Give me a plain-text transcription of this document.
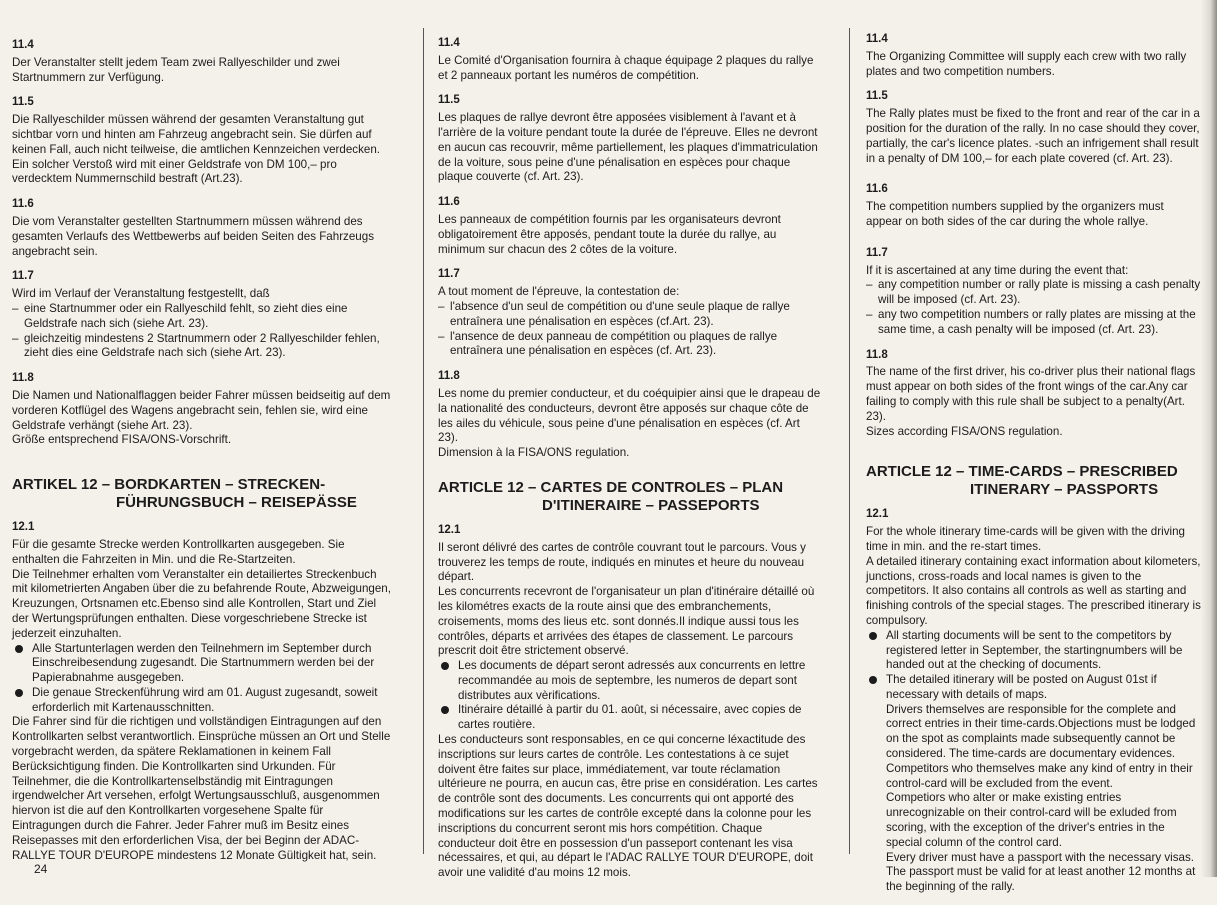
11.4

Der Veranstalter stellt jedem Team zwei Rallyeschilder und zwei Startnummern zur Verfügung.

11.5

Die Rallyeschilder müssen während der gesamten Veranstaltung gut sichtbar vorn und hinten am Fahrzeug angebracht sein. Sie dürfen auf keinen Fall, auch nicht teilweise, die amtlichen Kennzeichen verdecken. Ein solcher Verstoß wird mit einer Geldstrafe von DM 100,– pro verdecktem Nummernschild bestraft (Art.23).

11.6

Die vom Veranstalter gestellten Startnummern müssen während des gesamten Verlaufs des Wettbewerbs auf beiden Seiten des Fahrzeugs angebracht sein.

11.7

Wird im Verlauf der Veranstaltung festgestellt, daß

– eine Startnummer oder ein Rallyeschild fehlt, so zieht dies eine Geldstrafe nach sich (siehe Art. 23).
– gleichzeitig mindestens 2 Startnummern oder 2 Rallyeschilder fehlen, zieht dies eine Geldstrafe nach sich (siehe Art. 23).

11.8

Die Namen und Nationalflaggen beider Fahrer müssen beidseitig auf dem vorderen Kotflügel des Wagens angebracht sein, fehlen sie, wird eine Geldstrafe verhängt (siehe Art. 23).

Größe entsprechend FISA/ONS-Vorschrift.

ARTIKEL 12 – BORDKARTEN – STRECKEN-
FÜHRUNGSBUCH – REISEPÄSSE

12.1

Für die gesamte Strecke werden Kontrollkarten ausgegeben. Sie enthalten die Fahrzeiten in Min. und die Re-Startzeiten.

Die Teilnehmer erhalten vom Veranstalter ein detailiertes Streckenbuch mit kilometrierten Angaben über die zu befahrende Route, Abzweigungen, Kreuzungen, Ortsnamen etc.Ebenso sind alle Kontrollen, Start und Ziel der Wertungsprüfungen enthalten. Diese vorgeschriebene Strecke ist jederzeit einzuhalten.

Alle Startunterlagen werden den Teilnehmern im September durch Einschreibesendung zugesandt. Die Startnummern werden bei der Papierabnahme ausgegeben.
Die genaue Streckenführung wird am 01. August zugesandt, soweit erforderlich mit Kartenausschnitten.

Die Fahrer sind für die richtigen und vollständigen Eintragungen auf den Kontrollkarten selbst verantwortlich. Einsprüche müssen an Ort und Stelle vorgebracht werden, da spätere Reklamationen in keinem Fall Berücksichtigung finden. Die Kontrollkarten sind Urkunden. Für Teilnehmer, die die Kontrollkartenselbständig mit Eintragungen irgendwelcher Art versehen, erfolgt Wertungsausschluß, ausgenommen hiervon ist die auf den Kontrollkarten vorgesehene Spalte für Eintragungen durch die Fahrer. Jeder Fahrer muß im Besitz eines Reisepasses mit den erforderlichen Visa, der bei Beginn der ADAC-RALLYE TOUR D'EUROPE mindestens 12 Monate Gültigkeit hat, sein.

11.4

Le Comité d'Organisation fournira à chaque équipage 2 plaques du rallye et 2 panneaux portant les numéros de compétition.

11.5

Les plaques de rallye devront être apposées visiblement à l'avant et à l'arrière de la voiture pendant toute la durée de l'épreuve. Elles ne devront en aucun cas recouvrir, même partiellement, les plaques d'immatriculation de la voiture, sous peine d'une pénalisation en espèces pour chaque plaque couverte (cf. Art. 23).

11.6

Les panneaux de compétition fournis par les organisateurs devront obligatoirement être apposés, pendant toute la durée du rallye, au minimum sur chacun des 2 côtes de la voiture.

11.7

A tout moment de l'épreuve, la contestation de:

– l'absence d'un seul de compétition ou d'une seule plaque de rallye entraînera une pénalisation en espèces (cf.Art. 23).
– l'ansence de deux panneau de compétition ou plaques de rallye entraînera une pénalisation en espèces (cf. Art. 23).

11.8

Les nome du premier conducteur, et du coéquipier ainsi que le drapeau de la nationalité des conducteurs, devront être apposés sur chaque côte de les ailes du véhicule, sous peine d'une pénalisation en espèces (cf. Art 23).

Dimension à la FISA/ONS regulation.

ARTICLE 12 – CARTES DE CONTROLES – PLAN
D'ITINERAIRE – PASSEPORTS

12.1

Il seront délivré des cartes de contrôle couvrant tout le parcours. Vous y trouverez les temps de route, indiqués en minutes et heure du nouveau départ.

Les concurrents recevront de l'organisateur un plan d'itinéraire détaillé où les kilométres exacts de la route ainsi que des embranchements, croisements, moms des lieus etc. sont donnés.Il indique aussi tous les contrôles, départs et arrivées des étapes de classement. Le parcours prescrit doit être strictement observé.

Les documents de départ seront adressés aux concurrents en lettre recommandée au mois de septembre, les numeros de depart sont distributes aux vèrifications.
Itinéraire détaillé à partir du 01. août, si nécessaire, avec copies de cartes routière.

Les conducteurs sont responsables, en ce qui concerne léxactitude des inscriptions sur leurs cartes de contrôle. Les contestations à ce sujet doivent être faites sur place, immédiatement, var toute réclamation ultérieure ne pourra, en aucun cas, être prise en considération. Les cartes de contrôle sont des documents. Les concurrents qui ont apporté des modifications sur les cartes de contrôle excepté dans la colonne pour les inscriptions du concurrent seront mis hors compétition. Chaque conducteur doit être en possession d'un passeport contenant les visa nécessaires, et qui, au départ le l'ADAC RALLYE TOUR D'EUROPE, doit avoir une validité d'au moins 12 mois.

11.4

The Organizing Committee will supply each crew with two rally plates and two competition numbers.

11.5

The Rally plates must be fixed to the front and rear of the car in a position for the duration of the rally. In no case should they cover, partially, the car's licence plates. -such an infrigement shall result in a penalty of DM 100,– for each plate covered (cf. Art. 23).

11.6

The competition numbers supplied by the organizers must appear on both sides of the car during the whole rallye.

11.7

If it is ascertained at any time during the event that:

– any competition number or rally plate is missing a cash penalty will be imposed (cf. Art. 23).
– any two competition numbers or rally plates are missing at the same time, a cash penalty will be imposed (cf. Art. 23).

11.8

The name of the first driver, his co-driver plus their national flags must appear on both sides of the front wings of the car.Any car failing to comply with this rule shall be subject to a penalty(Art. 23).

Sizes according FISA/ONS regulation.

ARTICLE 12 – TIME-CARDS – PRESCRIBED
ITINERARY – PASSPORTS

12.1

For the whole itinerary time-cards will be given with the driving time in min. and the re-start times.

A detailed itinerary containing exact information about kilometers, junctions, cross-roads and local names is given to the competitors. It also contains all controls as well as starting and finishing controls of the special stages. The prescribed itinerary is compulsory.

All starting documents will be sent to the competitors by registered letter in September, the startingnumbers will be handed out at the checking of documents.
The detailed itinerary will be posted on August 01st if necessary with details of maps.

Drivers themselves are responsible for the complete and correct entries in their time-cards.Objections must be lodged on the spot as complaints made subsequently cannot be considered. The time-cards are documentary evidences. Competitors who themselves make any kind of entry in their control-card will be excluded from the event.

Competiors who alter or make existing entries unrecognizable on their control-card will be exluded from scoring, with the exception of the driver's entries in the special column of the control card.

Every driver must have a passport with the necessary visas. The passport must be valid for at least another 12 months at the beginning of the rally.

24
